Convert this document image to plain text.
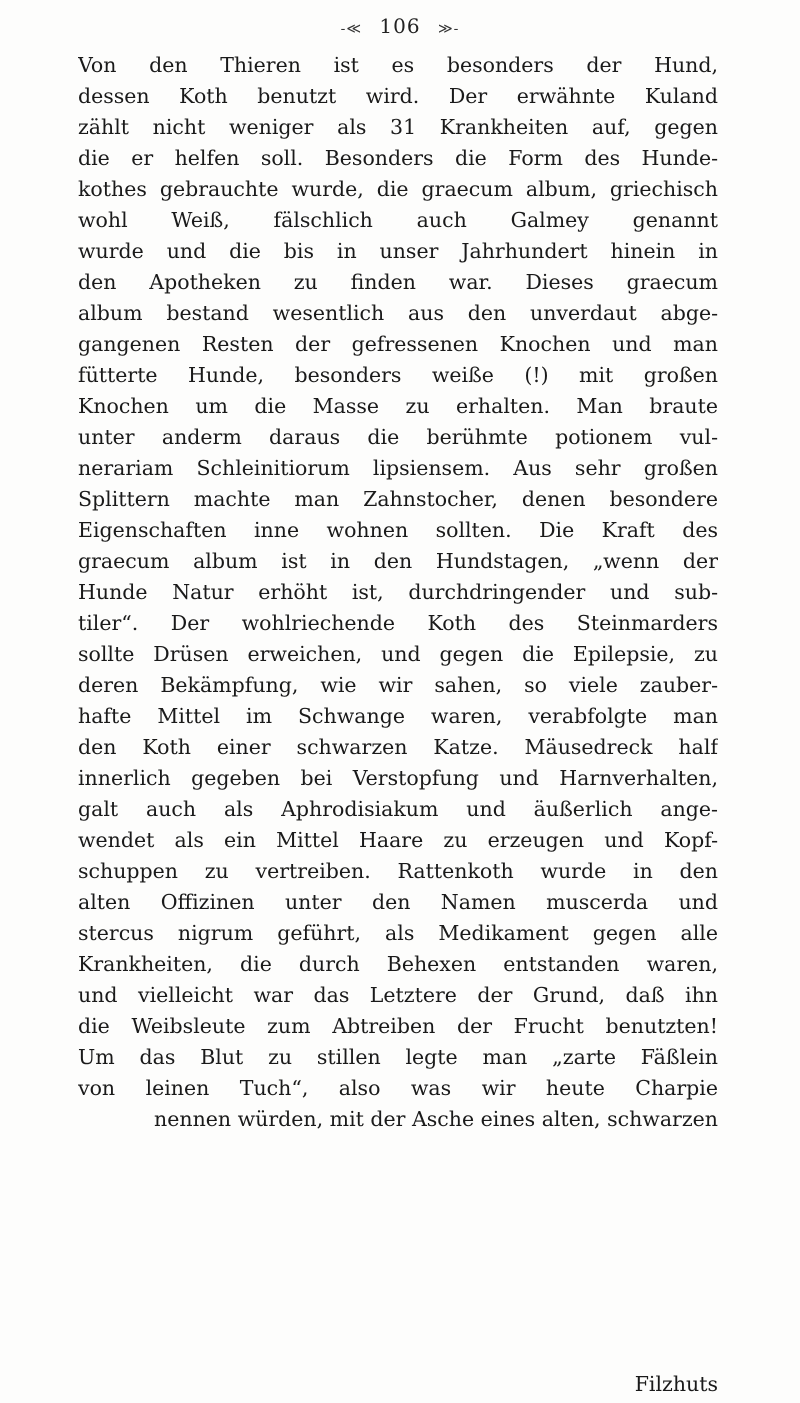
-≪ 106 ≫-
Von den Thieren ist es besonders der Hund,
dessen Koth benutzt wird. Der erwähnte Kuland
zählt nicht weniger als 31 Krankheiten auf, gegen
die er helfen soll. Besonders die Form des Hunde-
kothes gebrauchte wurde, die graecum album, griechisch
wohl Weiß, fälschlich auch Galmey genannt
wurde und die bis in unser Jahrhundert hinein in
den Apotheken zu finden war. Dieses graecum
album bestand wesentlich aus den unverdaut abge-
gangenen Resten der gefressenen Knochen und man
fütterte Hunde, besonders weiße (!) mit großen
Knochen um die Masse zu erhalten. Man braute
unter anderm daraus die berühmte potionem vul-
nerariam Schleinitiorum lipsiensem. Aus sehr großen
Splittern machte man Zahnstocher, denen besondere
Eigenschaften inne wohnen sollten. Die Kraft des
graecum album ist in den Hundstagen, „wenn der
Hunde Natur erhöht ist, durchdringender und sub-
tiler“. Der wohlriechende Koth des Steinmarders
sollte Drüsen erweichen, und gegen die Epilepsie, zu
deren Bekämpfung, wie wir sahen, so viele zauber-
hafte Mittel im Schwange waren, verabfolgte man
den Koth einer schwarzen Katze. Mäusedreck half
innerlich gegeben bei Verstopfung und Harnverhalten,
galt auch als Aphrodisiakum und äußerlich ange-
wendet als ein Mittel Haare zu erzeugen und Kopf-
schuppen zu vertreiben. Rattenkoth wurde in den
alten Offizinen unter den Namen muscerda und
stercus nigrum geführt, als Medikament gegen alle
Krankheiten, die durch Behexen entstanden waren,
und vielleicht war das Letztere der Grund, daß ihn
die Weibsleute zum Abtreiben der Frucht benutzten!
Um das Blut zu stillen legte man „zarte Fäßlein
von leinen Tuch“, also was wir heute Charpie
nennen würden, mit der Asche eines alten, schwarzen
Filzhuts
